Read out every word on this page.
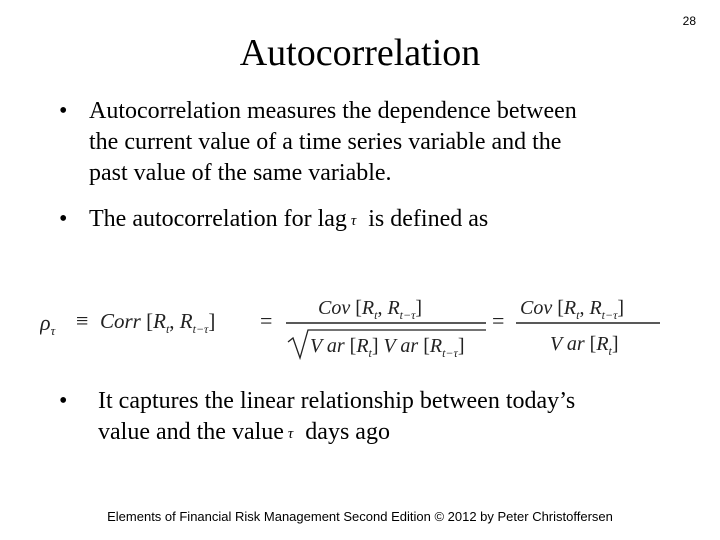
28
Autocorrelation
• Autocorrelation measures the dependence between
the current value of a time series variable and the
past value of the same variable.
• The autocorrelation for lag τ is defined as
$\rho_\tau$ ≡ Corr [$R_t$, $R_{t-\tau}$] = Cov [$R_t$, $R_{t-\tau}$]
V ar $[R_t]$ V ar $[R_{t-\tau}]$
= Cov [$R_t$, $R_{t-\tau}$]
V ar $[R_t]$
•	It captures the linear relationship between today’s
value and the value τ days ago
Elements of Financial Risk Management Second Edition © 2012 by Peter Christoffersen
